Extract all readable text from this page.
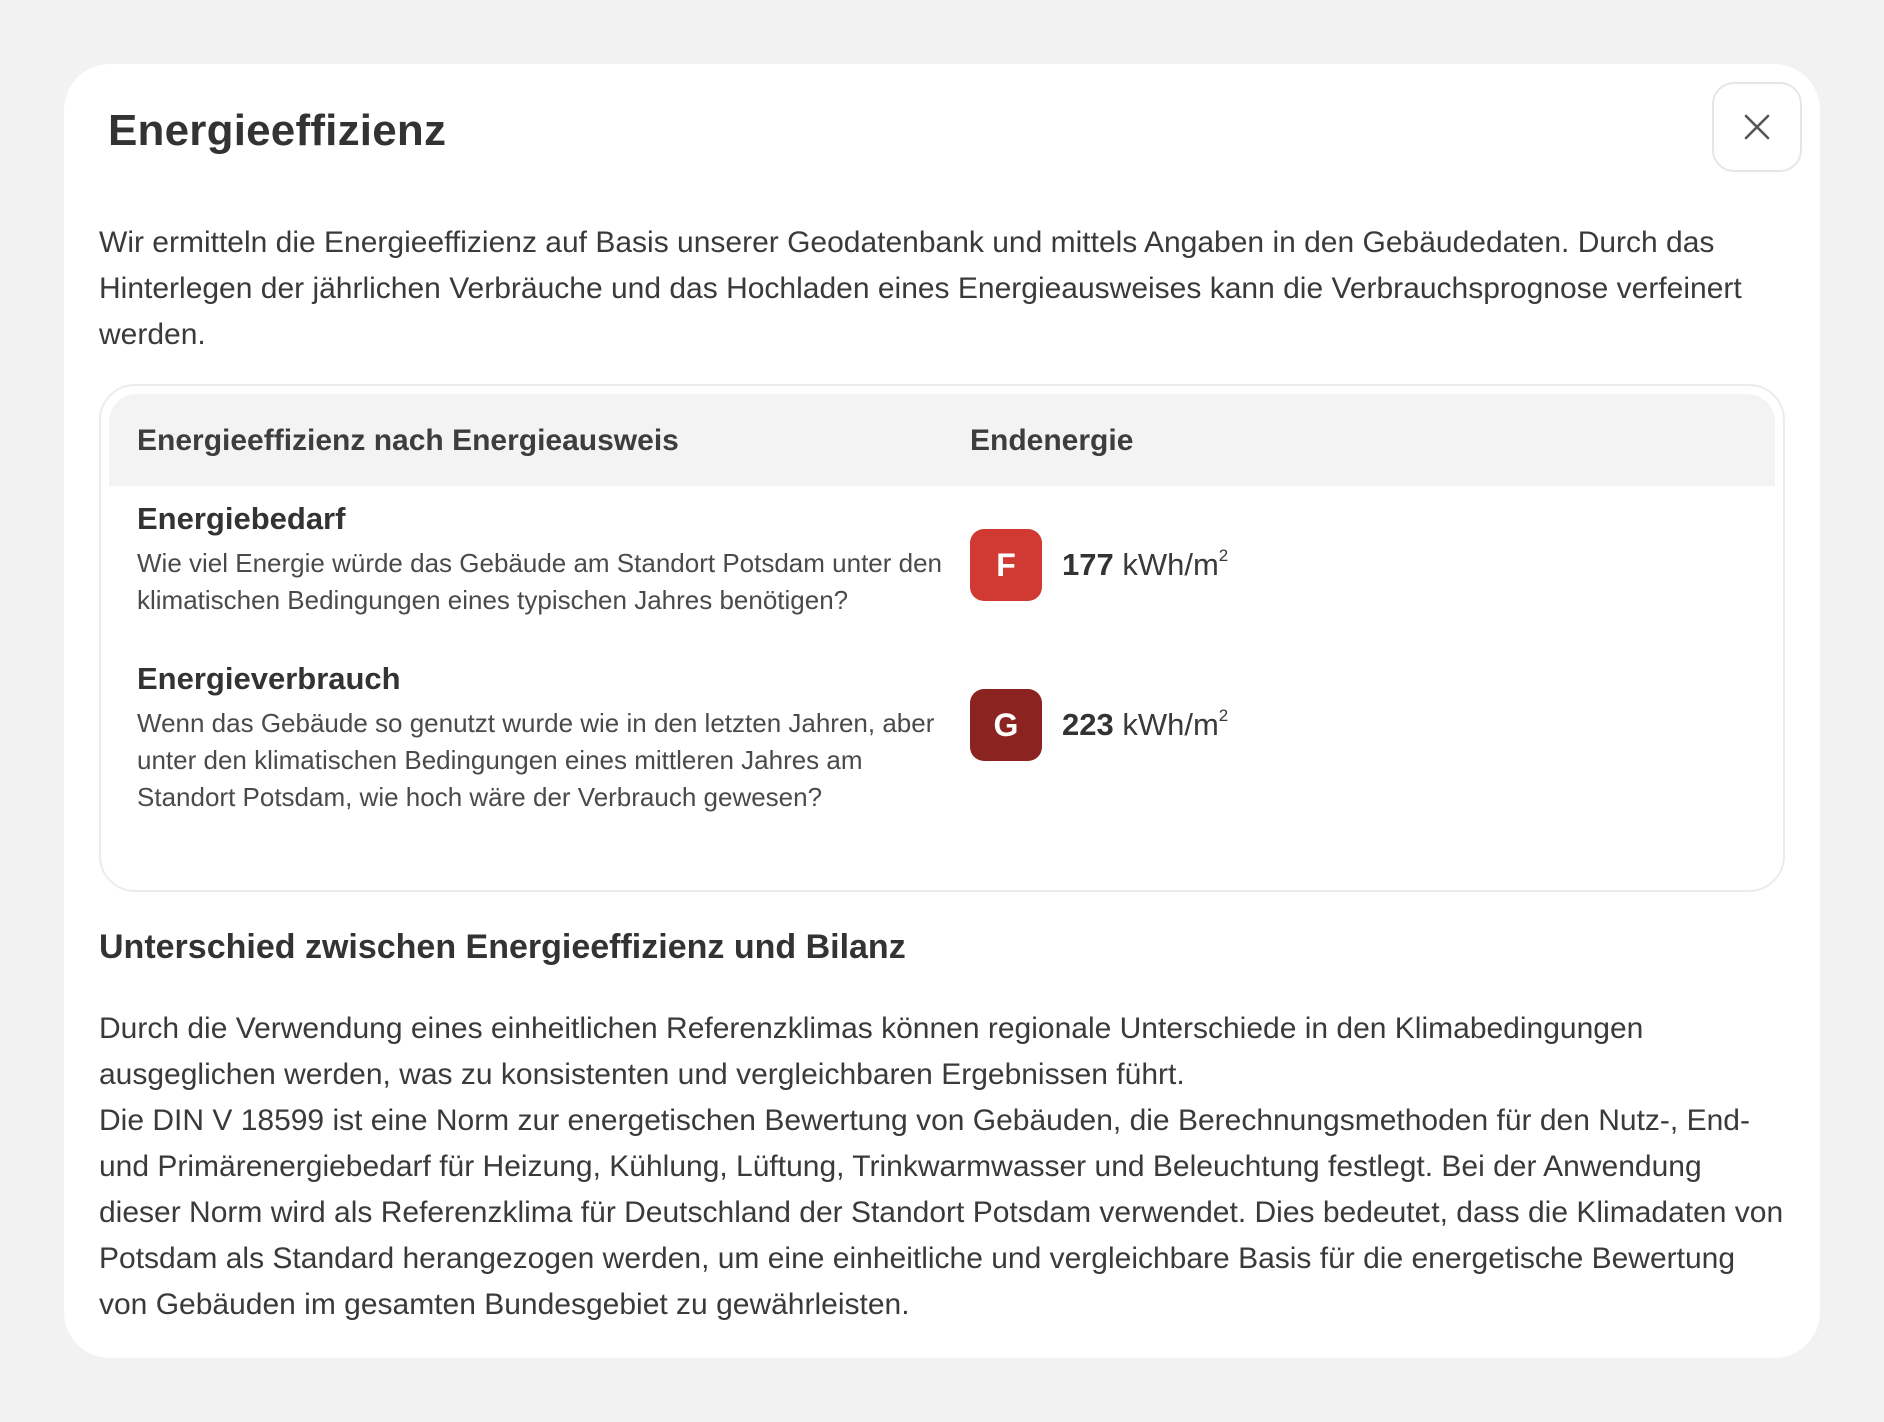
Energieeffizienz

Wir ermitteln die Energieeffizienz auf Basis unserer Geodatenbank und mittels Angaben in den Gebäudedaten. Durch das Hinterlegen der jährlichen Verbräuche und das Hochladen eines Energieausweises kann die Verbrauchsprognose verfeinert werden.

Energieeffizienz nach Energieausweis	Endenergie
Energiebedarf

Wie viel Energie würde das Gebäude am Standort Potsdam unter den klimatischen Bedingungen eines typischen Jahres benötigen?

F	177 kWh/$m^2$
Energieverbrauch

Wenn das Gebäude so genutzt wurde wie in den letzten Jahren, aber unter den klimatischen Bedingungen eines mittleren Jahres am Standort Potsdam, wie hoch wäre der Verbrauch gewesen?

G	223 kWh/$m^2$
Unterschied zwischen Energieeffizienz und Bilanz

Durch die Verwendung eines einheitlichen Referenzklimas können regionale Unterschiede in den Klimabedingungen ausgeglichen werden, was zu konsistenten und vergleichbaren Ergebnissen führt.

Die DIN V 18599 ist eine Norm zur energetischen Bewertung von Gebäuden, die Berechnungsmethoden für den Nutz-, End- und Primärenergiebedarf für Heizung, Kühlung, Lüftung, Trinkwarmwasser und Beleuchtung festlegt. Bei der Anwendung dieser Norm wird als Referenzklima für Deutschland der Standort Potsdam verwendet. Dies bedeutet, dass die Klimadaten von Potsdam als Standard herangezogen werden, um eine einheitliche und vergleichbare Basis für die energetische Bewertung von Gebäuden im gesamten Bundesgebiet zu gewährleisten.
